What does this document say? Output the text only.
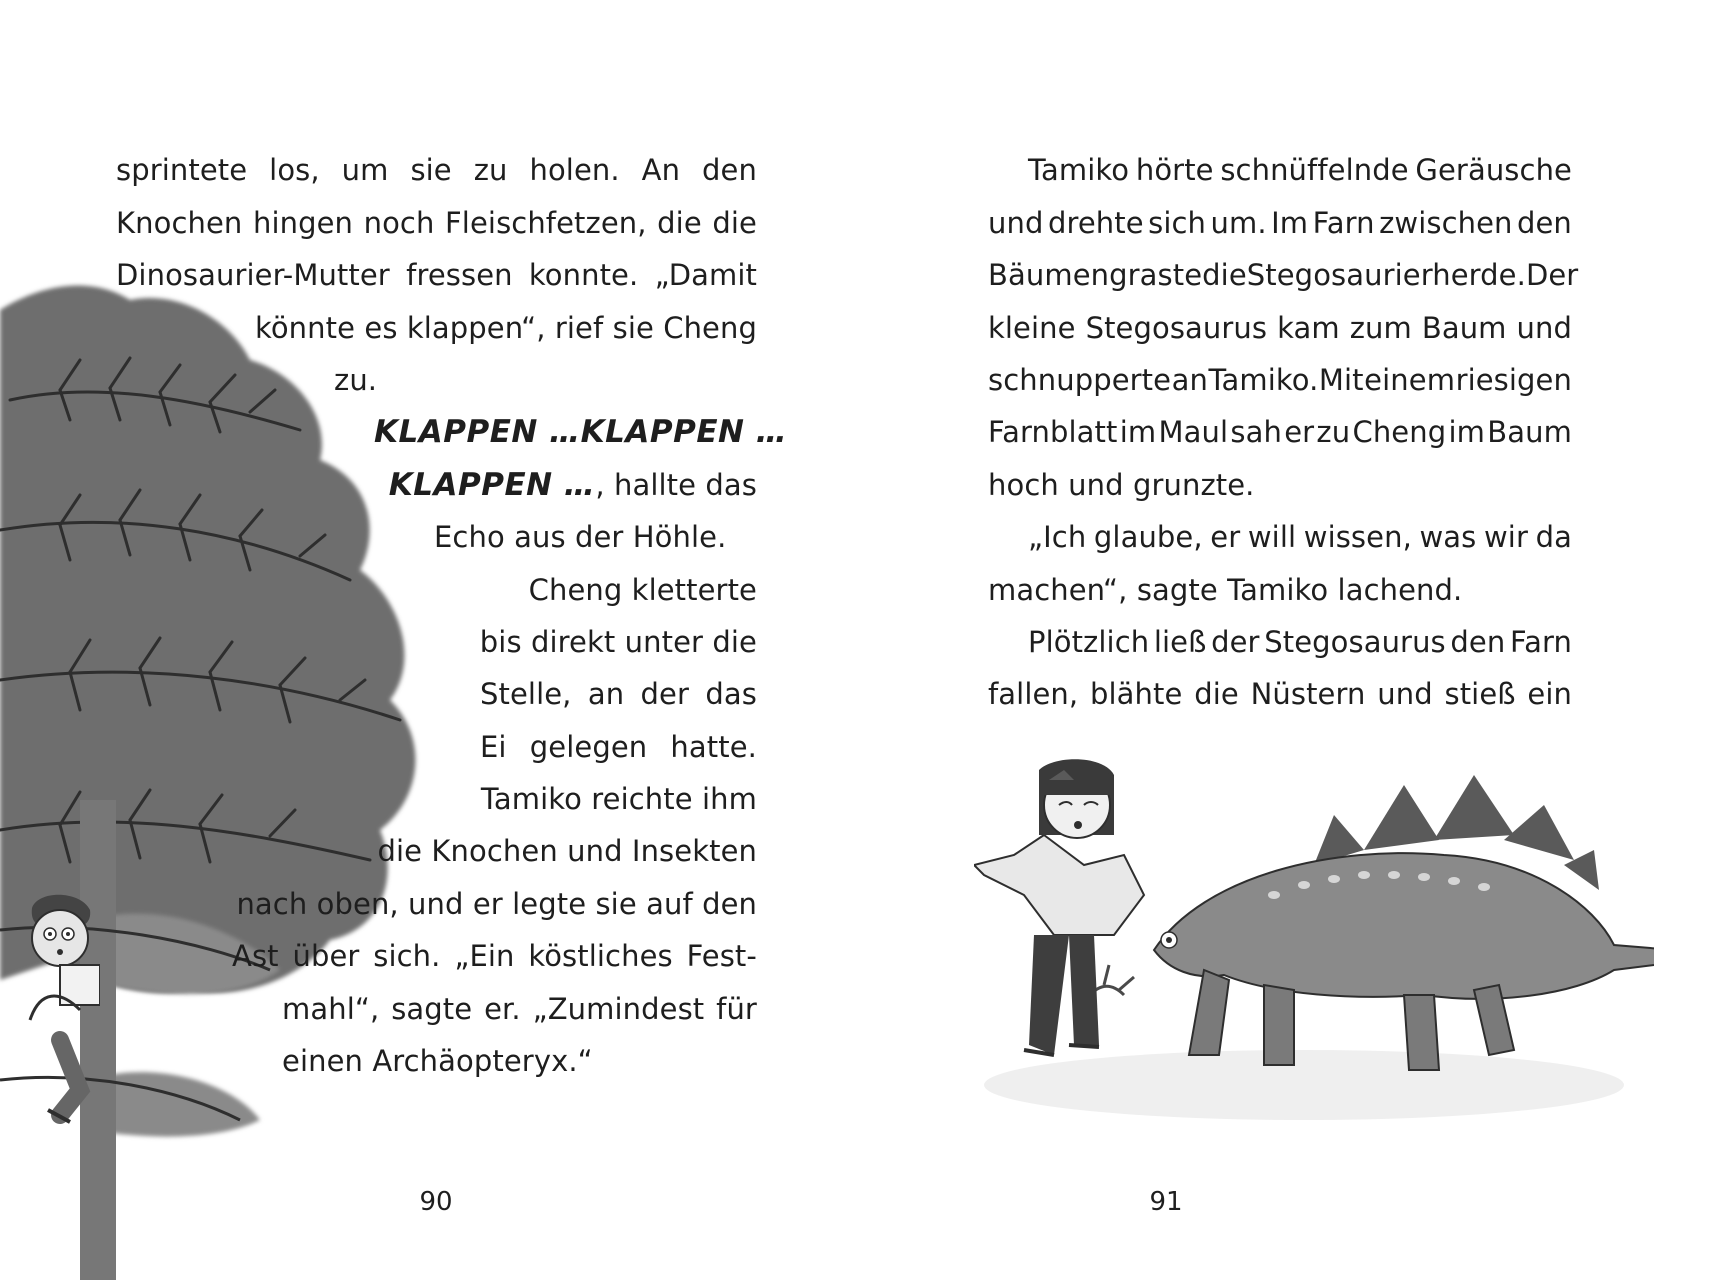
sprintete los, um sie zu holen. An den
Knochen hingen noch Fleischfetzen, die die
Dinosaurier-Mutter fressen konnte. „Damit
könnte es klappen“, rief sie Cheng
zu.
KLAPPEN … KLAPPEN …
KLAPPEN …, hallte das
Echo aus der Höhle.
Cheng kletterte
bis direkt unter die
Stelle, an der das
Ei gelegen hatte.
Tamiko reichte ihm
die Knochen und Insekten
nach oben, und er legte sie auf den
Ast über sich. „Ein köstliches Fest-
mahl“, sagte er. „Zumindest für
einen Archäopteryx.“
90
Tamiko hörte schnüffelnde Geräusche
und drehte sich um. Im Farn zwischen den
Bäumen graste die Stegosaurierherde. Der
kleine Stegosaurus kam zum Baum und
schnupperte an Tamiko. Mit einem riesigen
Farnblatt im Maul sah er zu Cheng im Baum
hoch und grunzte.
„Ich glaube, er will wissen, was wir da
machen“, sagte Tamiko lachend.
Plötzlich ließ der Stegosaurus den Farn
fallen, blähte die Nüstern und stieß ein
91
